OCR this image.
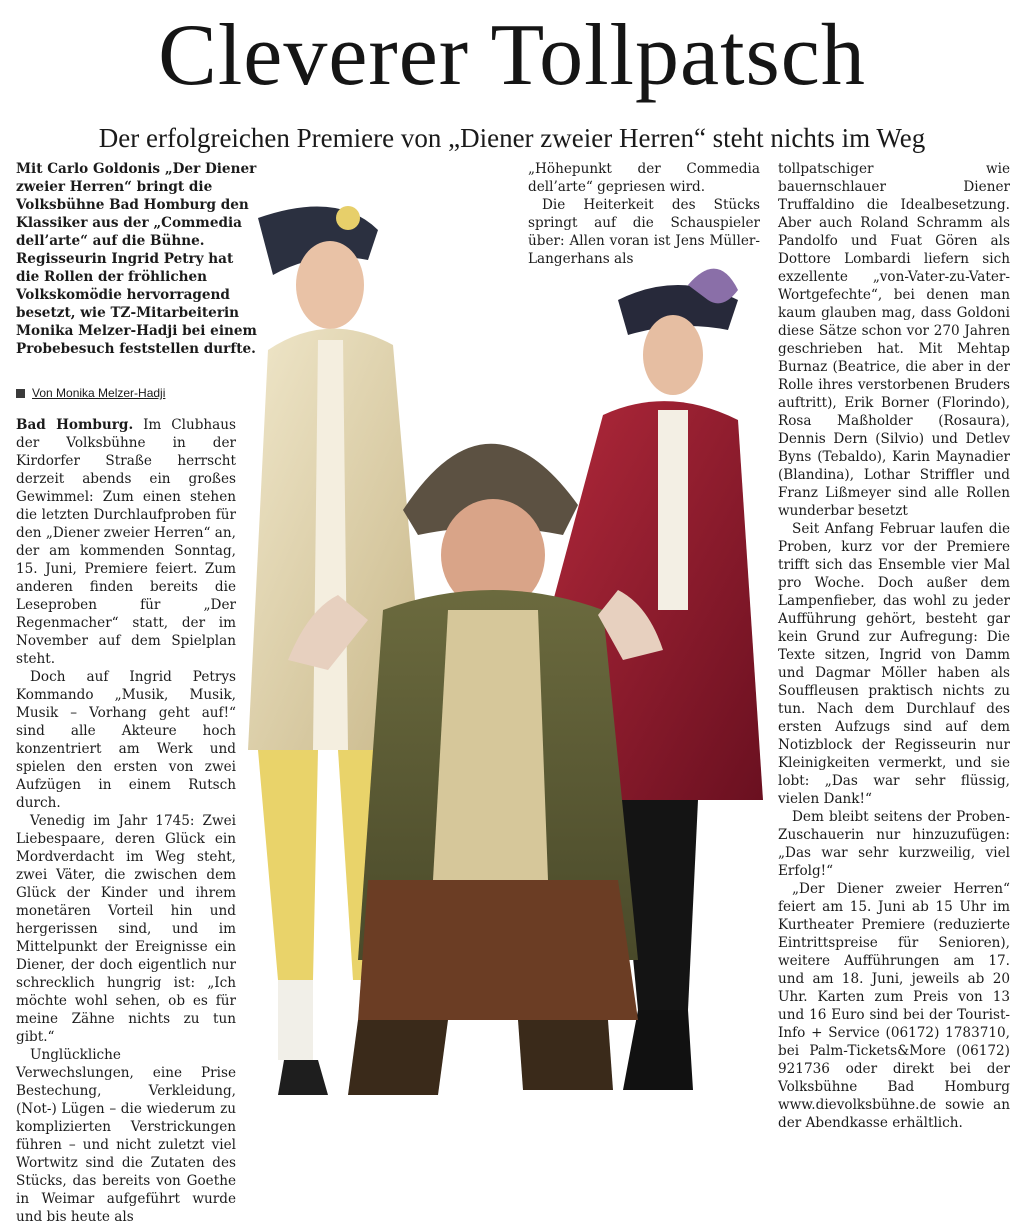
Cleverer Tollpatsch
Der erfolgreichen Premiere von „Diener zweier Herren“ steht nichts im Weg

Mit Carlo Goldonis „Der Diener zweier Herren“ bringt die Volksbühne Bad Homburg den Klassiker aus der „Commedia dell’arte“ auf die Bühne. Regisseurin Ingrid Petry hat die Rollen der fröhlichen Volkskomödie hervorragend besetzt, wie TZ-Mitarbeiterin Monika Melzer-Hadji bei einem Probebesuch feststellen durfte.

Von Monika Melzer-Hadji

Bad Homburg. Im Clubhaus der Volksbühne in der Kirdorfer Straße herrscht derzeit abends ein großes Gewimmel: Zum einen stehen die letzten Durchlaufproben für den „Diener zweier Herren“ an, der am kommenden Sonntag, 15. Juni, Premiere feiert. Zum anderen finden bereits die Leseproben für „Der Regenmacher“ statt, der im November auf dem Spielplan steht.

Doch auf Ingrid Petrys Kommando „Musik, Musik, Musik – Vorhang geht auf!“ sind alle Akteure hoch konzentriert am Werk und spielen den ersten von zwei Aufzügen in einem Rutsch durch.

Venedig im Jahr 1745: Zwei Liebespaare, deren Glück ein Mordverdacht im Weg steht, zwei Väter, die zwischen dem Glück der Kinder und ihrem monetären Vorteil hin und hergerissen sind, und im Mittelpunkt der Ereignisse ein Diener, der doch eigentlich nur schrecklich hungrig ist: „Ich möchte wohl sehen, ob es für meine Zähne nichts zu tun gibt.“

Unglückliche Verwechslungen, eine Prise Bestechung, Verkleidung, (Not-) Lügen – die wiederum zu komplizierten Verstrickungen führen – und nicht zuletzt viel Wortwitz sind die Zutaten des Stücks, das bereits von Goethe in Weimar aufgeführt wurde und bis heute als

„Höhepunkt der Commedia dell’arte“ gepriesen wird.

Die Heiterkeit des Stücks springt auf die Schauspieler über: Allen voran ist Jens Müller-Langerhans als

tollpatschiger wie bauernschlauer Diener Truffaldino die Idealbesetzung. Aber auch Roland Schramm als Pandolfo und Fuat Gören als Dottore Lombardi liefern sich exzellente „von-Vater-zu-Vater-Wortgefechte“, bei denen man kaum glauben mag, dass Goldoni diese Sätze schon vor 270 Jahren geschrieben hat. Mit Mehtap Burnaz (Beatrice, die aber in der Rolle ihres verstorbenen Bruders auftritt), Erik Borner (Florindo), Rosa Maßholder (Rosaura), Dennis Dern (Silvio) und Detlev Byns (Tebaldo), Karin Maynadier (Blandina), Lothar Striffler und Franz Lißmeyer sind alle Rollen wunderbar besetzt

Seit Anfang Februar laufen die Proben, kurz vor der Premiere trifft sich das Ensemble vier Mal pro Woche. Doch außer dem Lampenfieber, das wohl zu jeder Aufführung gehört, besteht gar kein Grund zur Aufregung: Die Texte sitzen, Ingrid von Damm und Dagmar Möller haben als Souffleusen praktisch nichts zu tun. Nach dem Durchlauf des ersten Aufzugs sind auf dem Notizblock der Regisseurin nur Kleinigkeiten vermerkt, und sie lobt: „Das war sehr flüssig, vielen Dank!“

Dem bleibt seitens der Proben-Zuschauerin nur hinzuzufügen: „Das war sehr kurzweilig, viel Erfolg!“

„Der Diener zweier Herren“ feiert am 15. Juni ab 15 Uhr im Kurtheater Premiere (reduzierte Eintrittspreise für Senioren), weitere Aufführungen am 17. und am 18. Juni, jeweils ab 20 Uhr. Karten zum Preis von 13 und 16 Euro sind bei der Tourist-Info + Service (06172) 1783710, bei Palm-Tickets&More (06172) 921736 oder direkt bei der Volksbühne Bad Homburg www.dievolksbühne.de sowie an der Abendkasse erhältlich.
